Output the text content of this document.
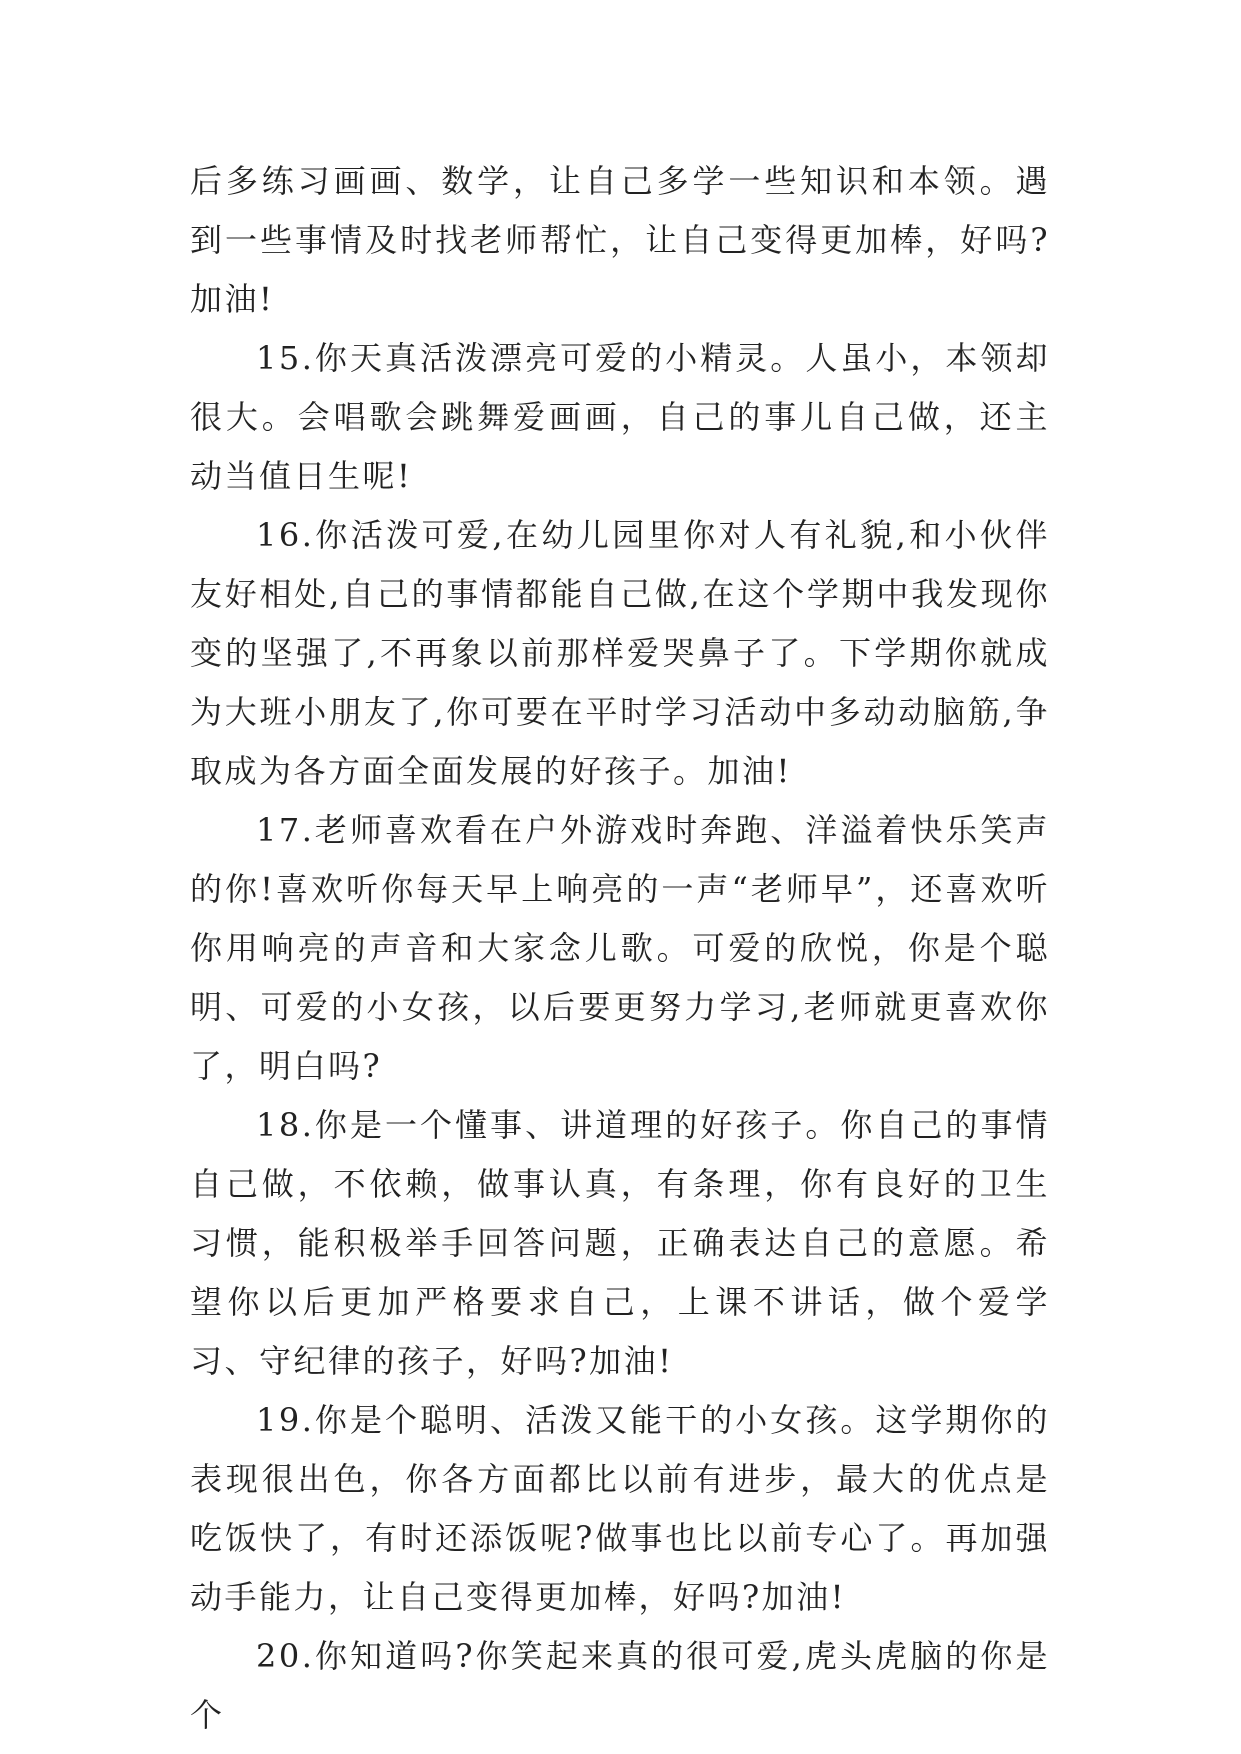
后多练习画画、数学，让自己多学一些知识和本领。遇到一些事情及时找老师帮忙，让自己变得更加棒，好吗?加油!

15.你天真活泼漂亮可爱的小精灵。人虽小，本领却很大。会唱歌会跳舞爱画画，自己的事儿自己做，还主动当值日生呢!

16.你活泼可爱,在幼儿园里你对人有礼貌,和小伙伴友好相处,自己的事情都能自己做,在这个学期中我发现你变的坚强了,不再象以前那样爱哭鼻子了。下学期你就成为大班小朋友了,你可要在平时学习活动中多动动脑筋,争取成为各方面全面发展的好孩子。加油!

17.老师喜欢看在户外游戏时奔跑、洋溢着快乐笑声的你!喜欢听你每天早上响亮的一声“老师早”，还喜欢听你用响亮的声音和大家念儿歌。可爱的欣悦，你是个聪明、可爱的小女孩，以后要更努力学习,老师就更喜欢你了，明白吗?

18.你是一个懂事、讲道理的好孩子。你自己的事情自己做，不依赖，做事认真，有条理，你有良好的卫生习惯，能积极举手回答问题，正确表达自己的意愿。希望你以后更加严格要求自己，上课不讲话，做个爱学习、守纪律的孩子，好吗?加油!

19.你是个聪明、活泼又能干的小女孩。这学期你的表现很出色，你各方面都比以前有进步，最大的优点是吃饭快了，有时还添饭呢?做事也比以前专心了。再加强动手能力，让自己变得更加棒，好吗?加油!

20.你知道吗?你笑起来真的很可爱,虎头虎脑的你是个
